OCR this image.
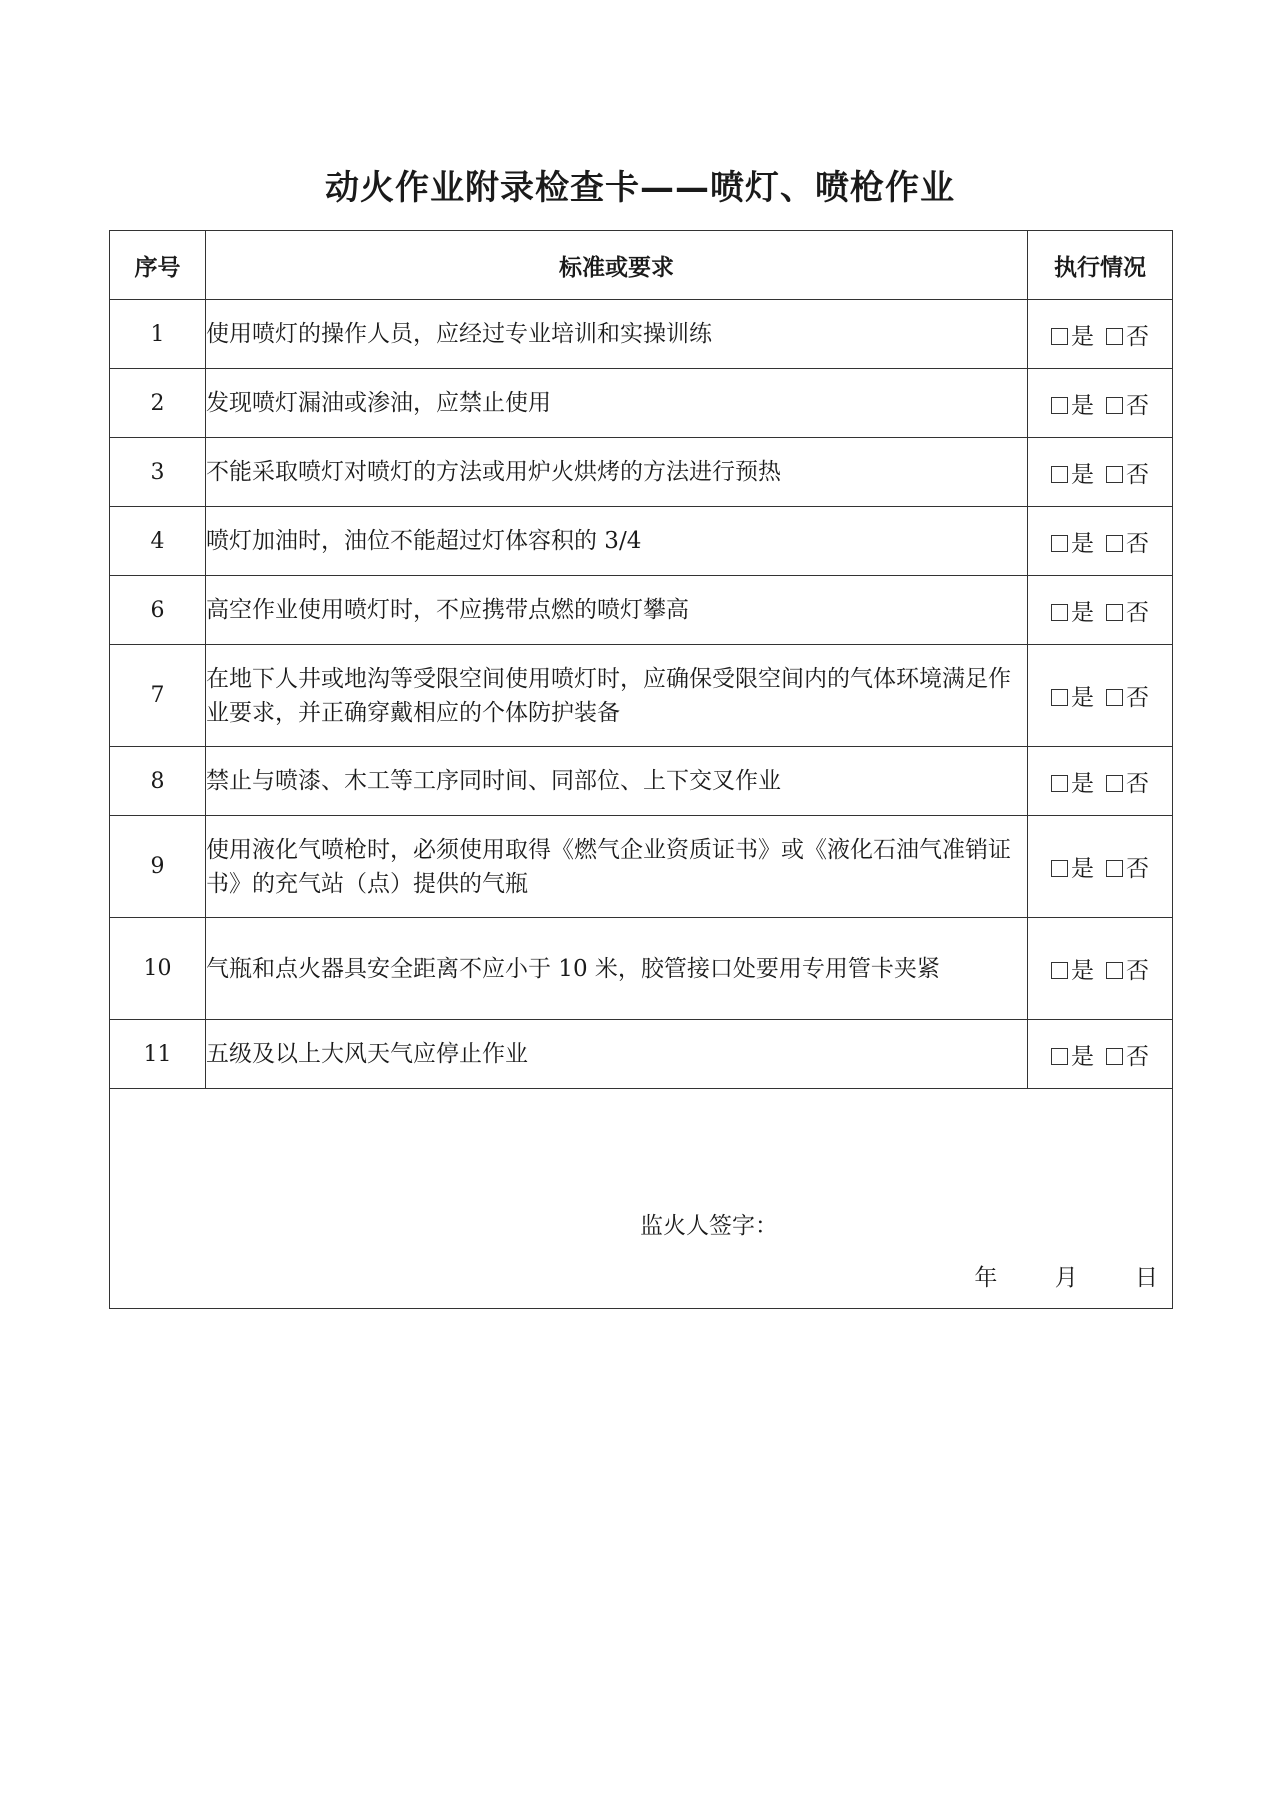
动火作业附录检查卡——喷灯、喷枪作业
序号	标准或要求	执行情况
1	使用喷灯的操作人员，应经过专业培训和实操训练	是 否
2	发现喷灯漏油或渗油，应禁止使用	是 否
3	不能采取喷灯对喷灯的方法或用炉火烘烤的方法进行预热	是 否
4	喷灯加油时，油位不能超过灯体容积的 3/4	是 否
6	高空作业使用喷灯时，不应携带点燃的喷灯攀高	是 否
7	在地下人井或地沟等受限空间使用喷灯时，应确保受限空间内的气体环境满足作业要求，并正确穿戴相应的个体防护装备	是 否
8	禁止与喷漆、木工等工序同时间、同部位、上下交叉作业	是 否
9	使用液化气喷枪时，必须使用取得《燃气企业资质证书》或《液化石油气准销证书》的充气站（点）提供的气瓶	是 否
10	气瓶和点火器具安全距离不应小于 10 米，胶管接口处要用专用管卡夹紧	是 否
11	五级及以上大风天气应停止作业	是 否

监火人签字：
年 月 日		
